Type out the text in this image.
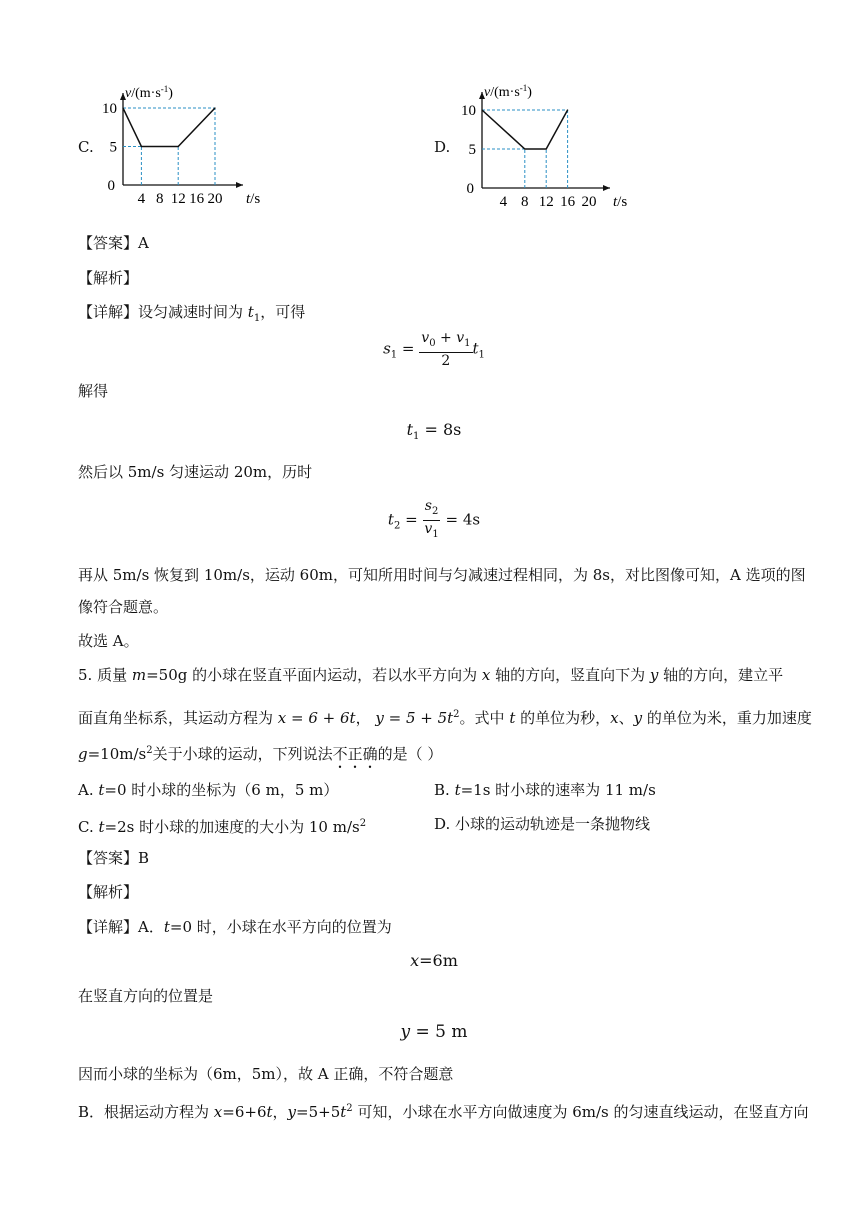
C.
10
5
0
4 8 12 16 20 t/s
$v/(m\cdot s^{-1})$
D.
10
5
0
4 8 12 16 20 t/s
$v/(m\cdot s^{-1})$
【答案】A
【解析】
【详解】设匀减速时间为 $t_1$，可得
$s_1 = \frac{v_0 + v_1}{2} t_1$
解得
$t_1 = 8s$
然后以 5m/s 匀速运动 20m，历时
$t_2 = \frac{s_2}{v_1} = 4s$
再从 5m/s 恢复到 10m/s，运动 60m，可知所用时间与匀减速过程相同，为 8s，对比图像可知，A 选项的图
像符合题意。
故选 A。
5. 质量 m=50g 的小球在竖直平面内运动，若以水平方向为 x 轴的方向，竖直向下为 y 轴的方向，建立平
面直角坐标系，其运动方程为 x = 6 + 6t， $y = 5 + 5t^2$。式中 t 的单位为秒，x、y 的单位为米，重力加速度
$g=10m/s^2$关于小球的运动，下列说法不正确的是（ ）
A. t=0 时小球的坐标为（6 m，5 m）	B. t=1s 时小球的速率为 11 m/s
C. t=2s 时小球的加速度的大小为 10 $m/s^2$	D. 小球的运动轨迹是一条抛物线
【答案】B
【解析】
【详解】A．t=0 时，小球在水平方向的位置为
x=6m
在竖直方向的位置是
y = 5 m
因而小球的坐标为（6m，5m），故 A 正确，不符合题意
B．根据运动方程为 x=6+6t，$y=5+5t^2$ 可知，小球在水平方向做速度为 6m/s 的匀速直线运动，在竖直方向
